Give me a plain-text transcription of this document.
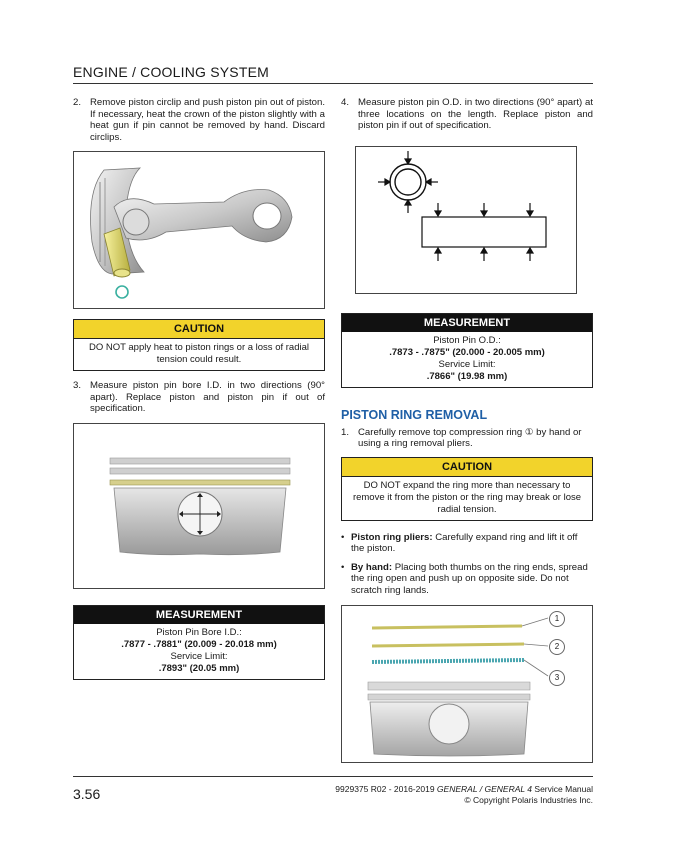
ENGINE / COOLING SYSTEM
2. Remove piston circlip and push piston pin out of piston. If necessary, heat the crown of the piston slightly with a heat gun if pin cannot be removed by hand. Discard circlips.
CAUTION
DO NOT apply heat to piston rings or a loss of radial tension could result.
3. Measure piston pin bore I.D. in two directions (90° apart). Replace piston and piston pin if out of specification.
MEASUREMENT
Piston Pin Bore I.D.:
.7877 - .7881" (20.009 - 20.018 mm)
Service Limit:
.7893" (20.05 mm)
4. Measure piston pin O.D. in two directions (90° apart) at three locations on the length. Replace piston and piston pin if out of specification.
MEASUREMENT
Piston Pin O.D.:
.7873 - .7875" (20.000 - 20.005 mm)
Service Limit:
.7866" (19.98 mm)
PISTON RING REMOVAL
1. Carefully remove top compression ring ① by hand or using a ring removal pliers.
CAUTION
DO NOT expand the ring more than necessary to remove it from the piston or the ring may break or lose radial tension.
• Piston ring pliers: Carefully expand ring and lift it off the piston.
• By hand: Placing both thumbs on the ring ends, spread the ring open and push up on opposite side. Do not scratch ring lands.
1
2
3
3.56	9929375 R02 - 2016-2019 GENERAL / GENERAL 4 Service Manual
© Copyright Polaris Industries Inc.
